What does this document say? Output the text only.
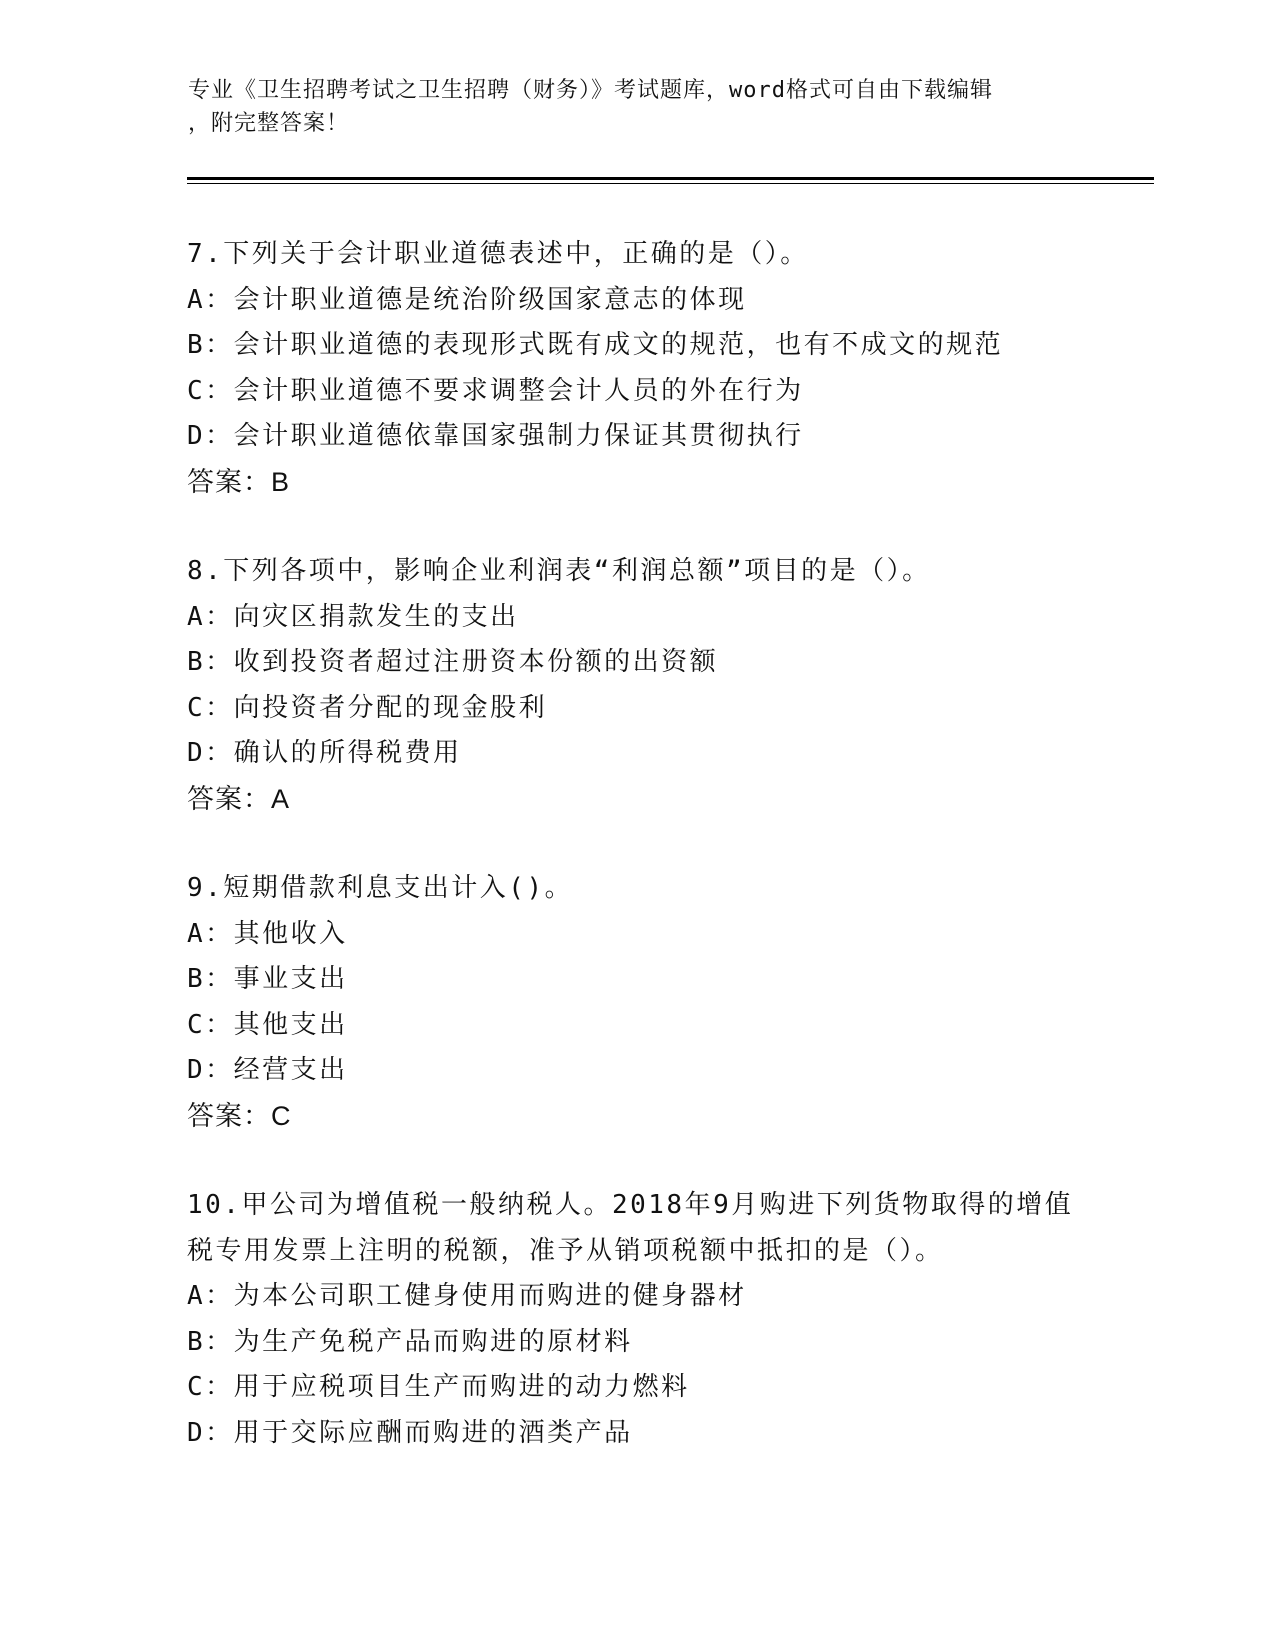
专业《卫生招聘考试之卫生招聘（财务）》考试题库，word格式可自由下载编辑
，附完整答案！

7.下列关于会计职业道德表述中，正确的是（）。

A：会计职业道德是统治阶级国家意志的体现

B：会计职业道德的表现形式既有成文的规范，也有不成文的规范

C：会计职业道德不要求调整会计人员的外在行为

D：会计职业道德依靠国家强制力保证其贯彻执行

答案：B

8.下列各项中，影响企业利润表“利润总额”项目的是（）。

A：向灾区捐款发生的支出

B：收到投资者超过注册资本份额的出资额

C：向投资者分配的现金股利

D：确认的所得税费用

答案：A

9.短期借款利息支出计入()。

A：其他收入

B：事业支出

C：其他支出

D：经营支出

答案：C

10.甲公司为增值税一般纳税人。2018年9月购进下列货物取得的增值

税专用发票上注明的税额，准予从销项税额中抵扣的是（）。

A：为本公司职工健身使用而购进的健身器材

B：为生产免税产品而购进的原材料

C：用于应税项目生产而购进的动力燃料

D：用于交际应酬而购进的酒类产品
